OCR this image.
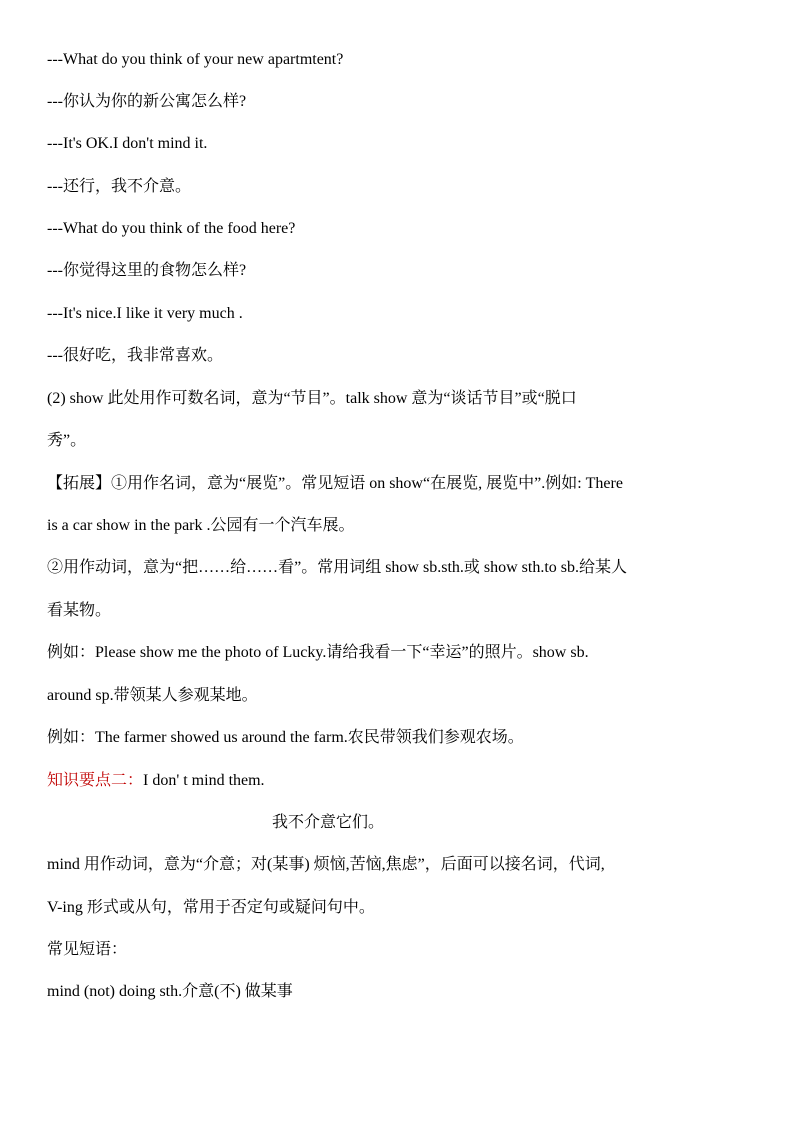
---What do you think of your new apartmtent?
---你认为你的新公寓怎么样?
---It's OK.I don't mind it.
---还行，我不介意。
---What do you think of the food here?
---你觉得这里的食物怎么样?
---It's nice.I like it very much .
---很好吃，我非常喜欢。
(2) show 此处用作可数名词，意为“节目”。talk show 意为“谈话节目”或“脱口
秀”。
【拓展】①用作名词，意为“展览”。常见短语 on show“在展览, 展览中”.例如: There
is a car show in the park .公园有一个汽车展。
②用作动词，意为“把……给……看”。常用词组 show sb.sth.或 show sth.to sb.给某人
看某物。
例如：Please show me the photo of Lucky.请给我看一下“幸运”的照片。show sb.
around sp.带领某人参观某地。
例如：The farmer showed us around the farm.农民带领我们参观农场。
知识要点二：I don' t mind them.
我不介意它们。
mind 用作动词，意为“介意；对(某事) 烦恼,苦恼,焦虑”，后面可以接名词，代词,
V-ing 形式或从句，常用于否定句或疑问句中。
常见短语：
mind (not) doing sth.介意(不) 做某事
